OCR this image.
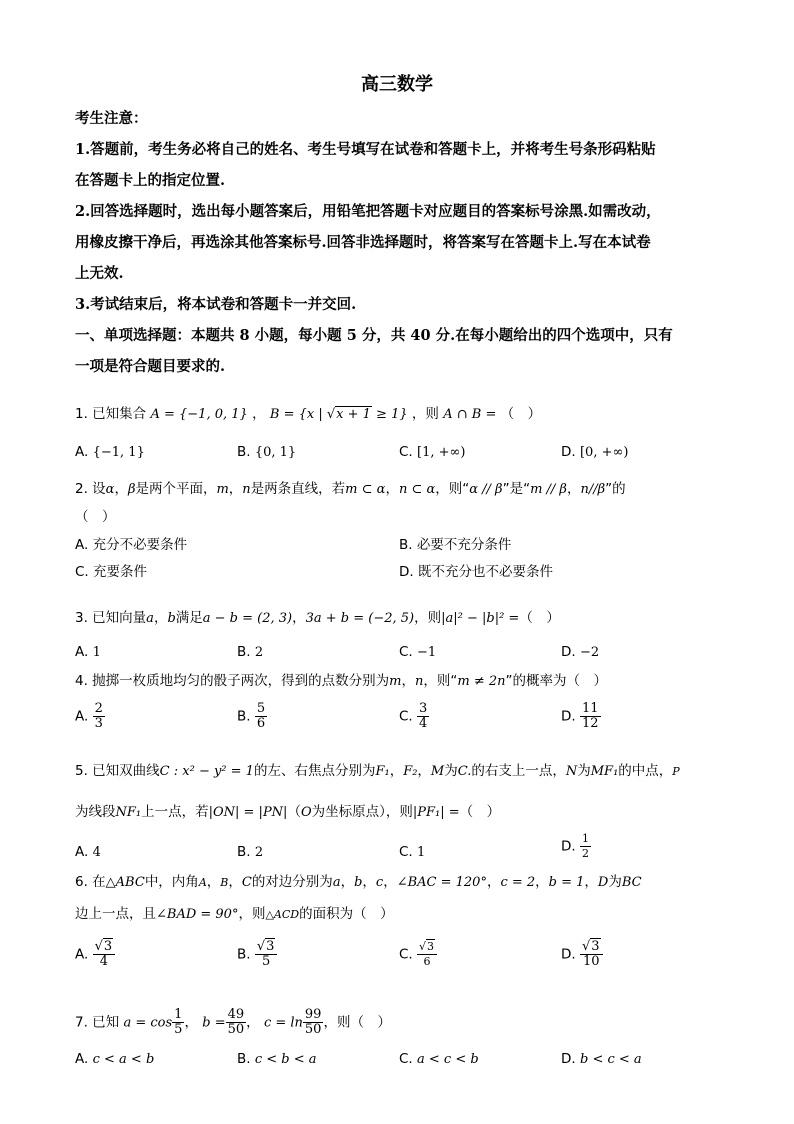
高三数学
考生注意：
1.答题前，考生务必将自己的姓名、考生号填写在试卷和答题卡上，并将考生号条形码粘贴
在答题卡上的指定位置.
2.回答选择题时，选出每小题答案后，用铅笔把答题卡对应题目的答案标号涂黑.如需改动，
用橡皮擦干净后，再选涂其他答案标号.回答非选择题时，将答案写在答题卡上.写在本试卷
上无效.
3.考试结束后，将本试卷和答题卡一并交回.
一、单项选择题：本题共 8 小题，每小题 5 分，共 40 分.在每小题给出的四个选项中，只有
一项是符合题目要求的.
1. 已知集合 A = {−1, 0, 1} ， B = {x | √x + 1 ≥ 1} ，则 A ∩ B = （　）
A. {−1, 1}	B. {0, 1}	C. [1, +∞)	D. [0, +∞)
2. 设α，β是两个平面，m，n是两条直线，若m ⊂ α，n ⊂ α，则“α // β”是“m // β，n//β”的
（　）
A. 充分不必要条件	B. 必要不充分条件
C. 充要条件	D. 既不充分也不必要条件
3. 已知向量a，b满足a − b = (2, 3)，3a + b = (−2, 5)，则|a|² − |b|² =（　）
A. 1	B. 2	C. −1	D. −2
4. 抛掷一枚质地均匀的骰子两次，得到的点数分别为m，n，则“m ≠ 2n”的概率为（　）
A. $\frac{2}{3}$	B. $\frac{5}{6}$	C. $\frac{3}{4}$	D. $\frac{11}{12}$
5. 已知双曲线C : x² − y² = 1的左、右焦点分别为F₁，F₂，M为C.的右支上一点，N为MF₁的中点，P
为线段NF₁上一点，若|ON| = |PN|（O为坐标原点），则|PF₁| =（　）
A. 4	B. 2	C. 1	D. $\frac{1}{2}$
6. 在△ABC中，内角A，B，C的对边分别为a，b，c，∠BAC = 120°，c = 2，b = 1，D为BC
边上一点，且∠BAD = 90°，则△ACD的面积为（　）
A. $\frac{√3}{4}$	B. $\frac{√3}{5}$	C. $\frac{√3}{6}$	D. $\frac{√3}{10}$
7. 已知 $a = \cos \frac{1}{5}$ ， $b = \frac{49}{50}$ ， $c = \ln \frac{99}{50}$ ，则（　）
A. c < a < b	B. c < b < a	C. a < c < b	D. b < c < a
